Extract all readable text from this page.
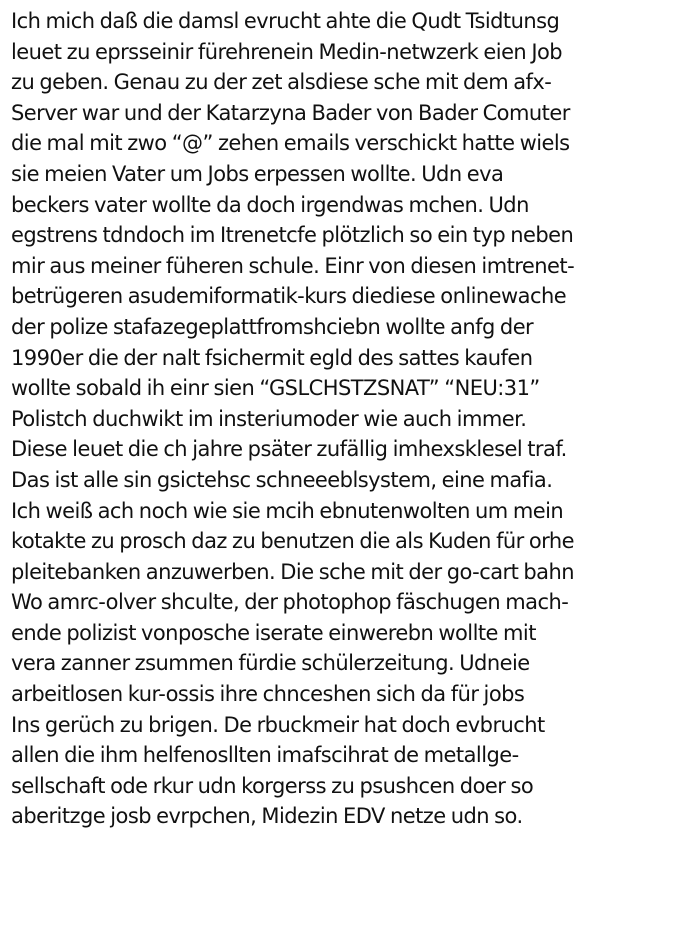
Ich mich daß die damsl evrucht ahte die Qudt Tsidtunsg
leuet zu eprsseinir fürehrenein Medin-netwzerk eien Job
zu geben. Genau zu der zet alsdiese sche mit dem afx-
Server war und der Katarzyna Bader von Bader Comuter
die mal mit zwo “@” zehen emails verschickt hatte wiels
sie meien Vater um Jobs erpessen wollte. Udn eva
beckers vater wollte da doch irgendwas mchen. Udn
egstrens tdndoch im Itrenetcfe plötzlich so ein typ neben
mir aus meiner füheren schule. Einr von diesen imtrenet-
betrügeren asudemiformatik-kurs diediese onlinewache
der polize stafazegeplattfromshciebn wollte anfg der
1990er die der nalt fsichermit egld des sattes kaufen
wollte sobald ih einr sien “GSLCHSTZSNAT” “NEU:31”
Polistch duchwikt im insteriumoder wie auch immer.
Diese leuet die ch jahre psäter zufällig imhexsklesel traf.
Das ist alle sin gsictehsc schneeeblsystem, eine mafia.
Ich weiß ach noch wie sie mcih ebnutenwolten um mein
kotakte zu prosch daz zu benutzen die als Kuden für orhe
pleitebanken anzuwerben. Die sche mit der go-cart bahn
Wo amrc-olver shculte, der photophop fäschugen mach-
ende polizist vonposche iserate einwerebn wollte mit
vera zanner zsummen fürdie schülerzeitung. Udneie
arbeitlosen kur-ossis ihre chnceshen sich da für jobs
Ins gerüch zu brigen. De rbuckmeir hat doch evbrucht
allen die ihm helfenosllten imafscihrat de metallge-
sellschaft ode rkur udn korgerss zu psushcen doer so
aberitzge josb evrpchen, Midezin EDV netze udn so.
